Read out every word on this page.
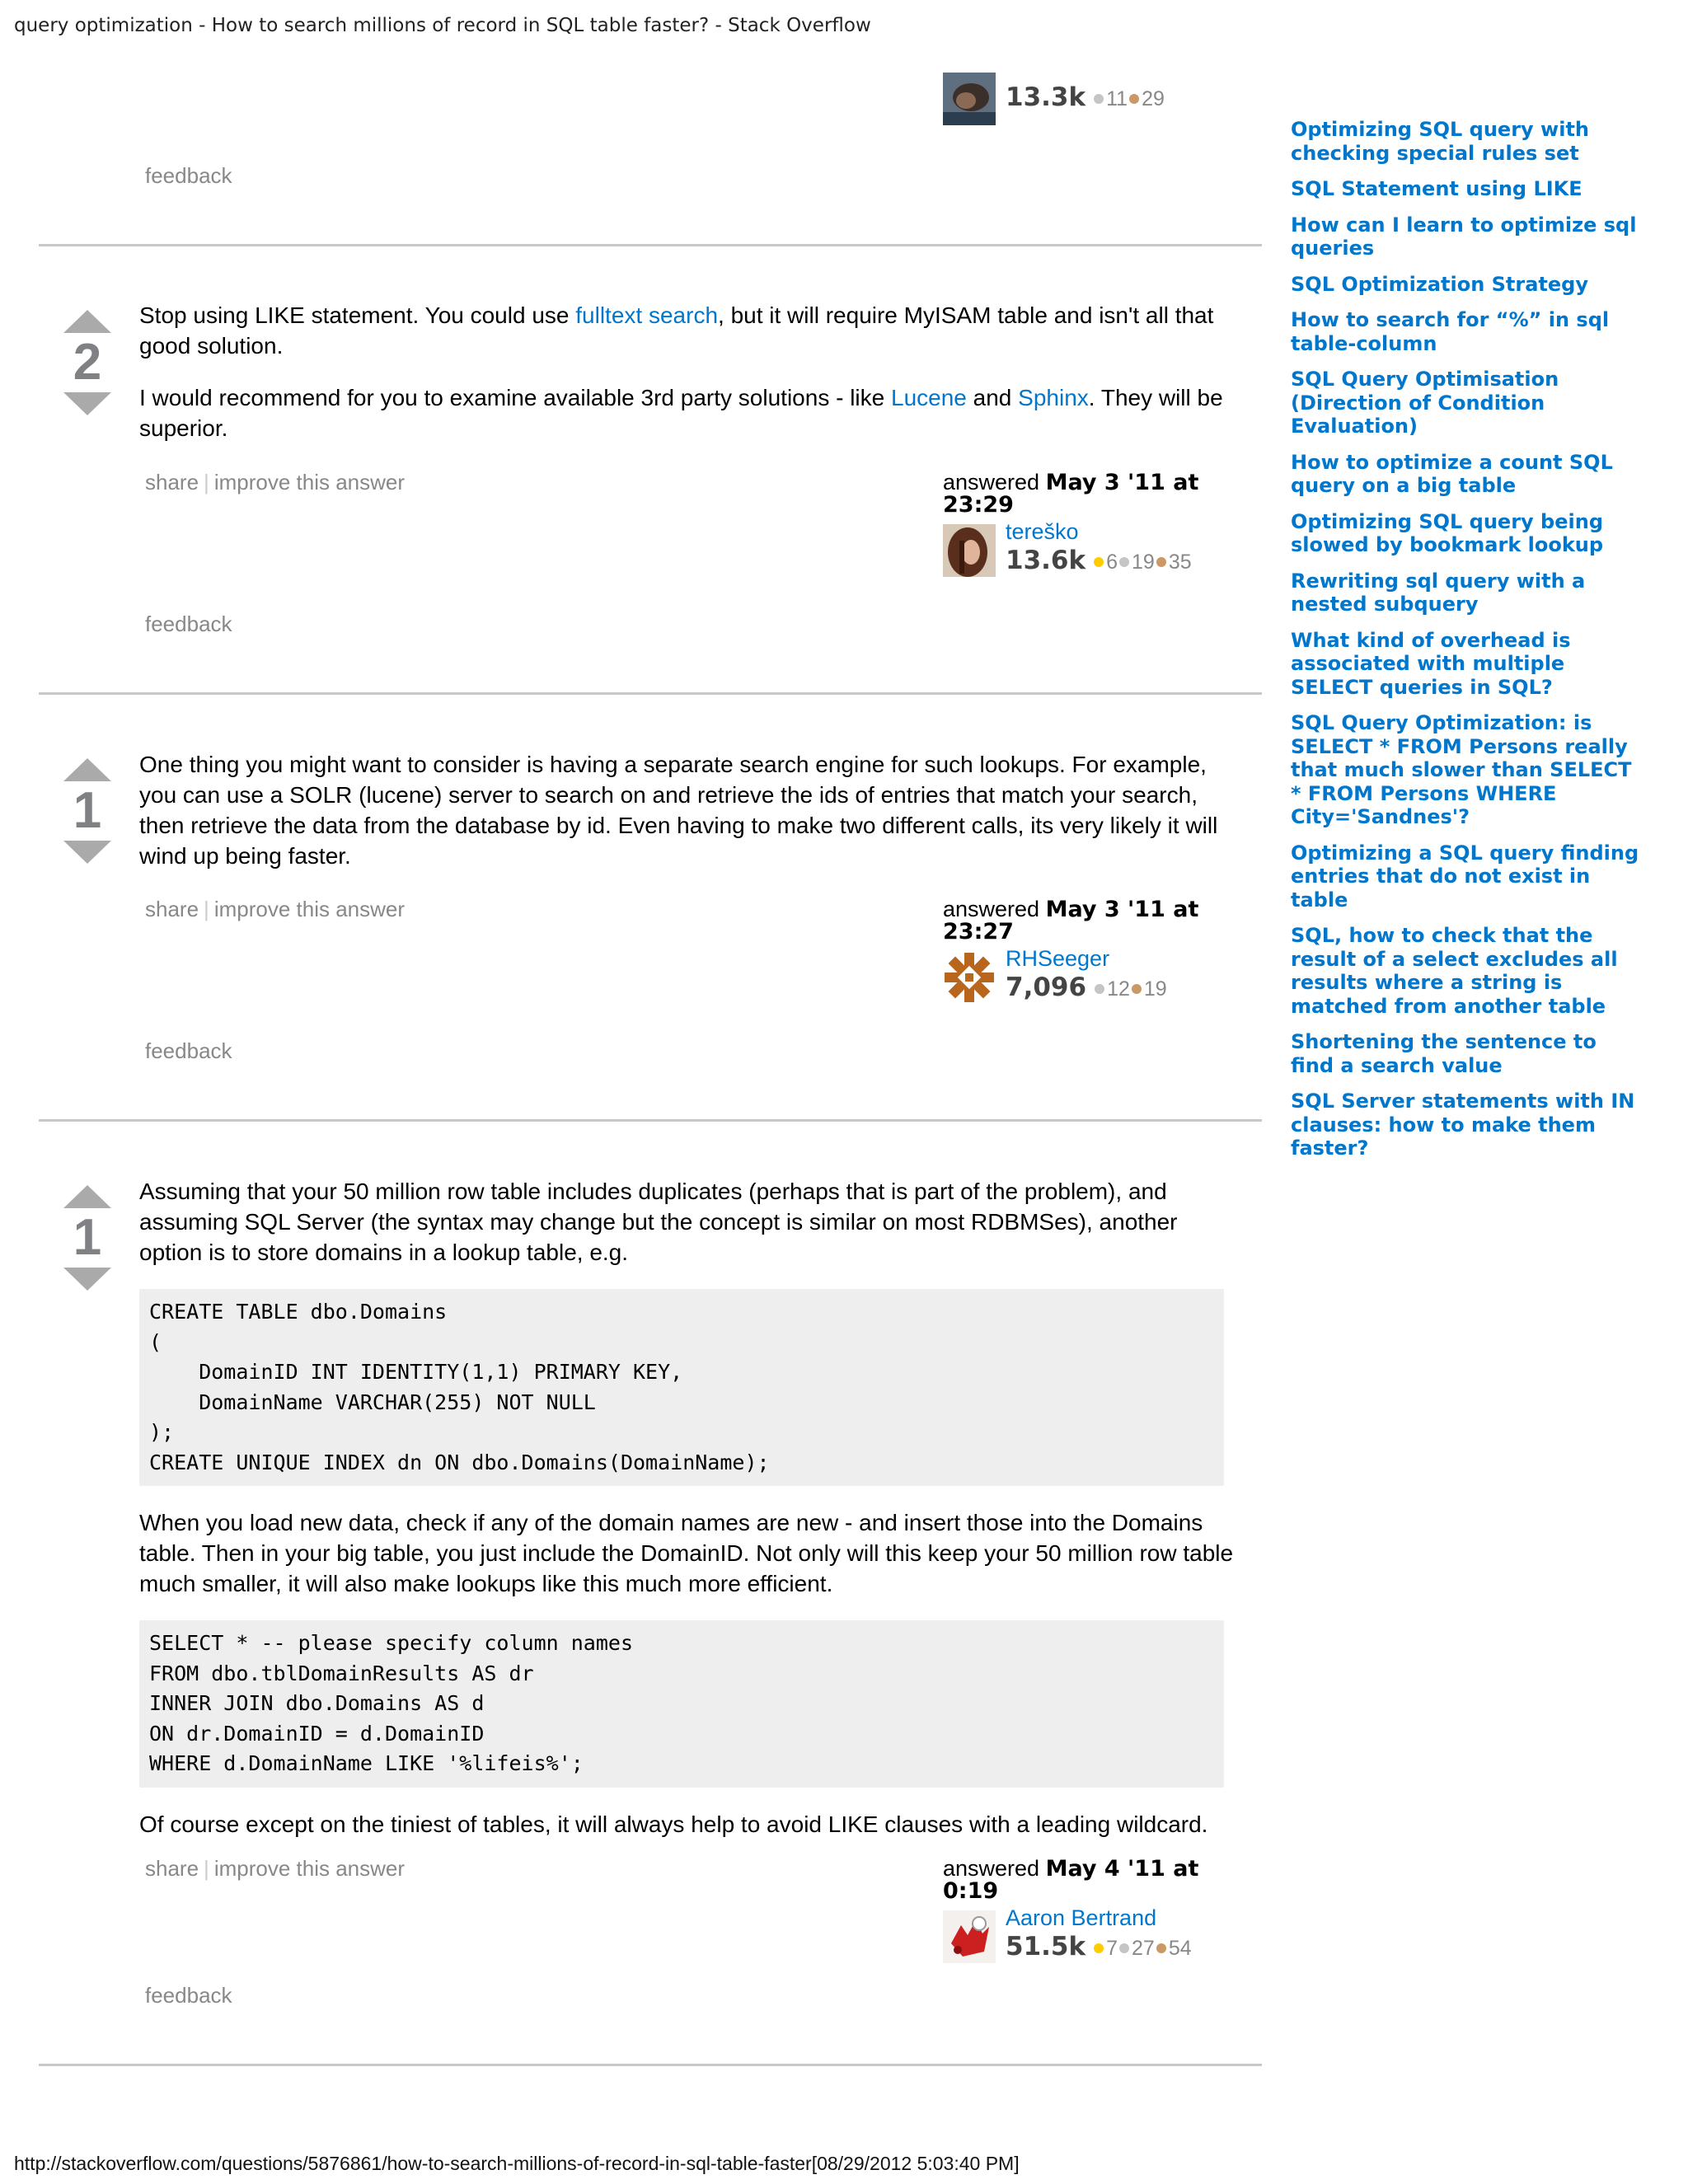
query optimization - How to search millions of record in SQL table faster? - Stack Overflow
http://stackoverflow.com/questions/5876861/how-to-search-millions-of-record-in-sql-table-faster[08/29/2012 5:03:40 PM]
13.3k 11 29
feedback
2

Stop using LIKE statement. You could use fulltext search, but it will require MyISAM table and isn't all that good solution.

I would recommend for you to examine available 3rd party solutions - like Lucene and Sphinx. They will be superior.

share | improve this answer	answered May 3 '11 at 23:29
tereško
13.6k 6 19 35
feedback
1

One thing you might want to consider is having a separate search engine for such lookups. For example, you can use a SOLR (lucene) server to search on and retrieve the ids of entries that match your search, then retrieve the data from the database by id. Even having to make two different calls, its very likely it will wind up being faster.

share | improve this answer	answered May 3 '11 at 23:27
RHSeeger
7,096 12 19
feedback
1

Assuming that your 50 million row table includes duplicates (perhaps that is part of the problem), and assuming SQL Server (the syntax may change but the concept is similar on most RDBMSes), another option is to store domains in a lookup table, e.g.

CREATE TABLE dbo.Domains
(
DomainID INT IDENTITY(1,1) PRIMARY KEY,
DomainName VARCHAR(255) NOT NULL
);
CREATE UNIQUE INDEX dn ON dbo.Domains(DomainName);

When you load new data, check if any of the domain names are new - and insert those into the Domains table. Then in your big table, you just include the DomainID. Not only will this keep your 50 million row table much smaller, it will also make lookups like this much more efficient.

SELECT * -- please specify column names
FROM dbo.tblDomainResults AS dr
INNER JOIN dbo.Domains AS d
ON dr.DomainID = d.DomainID
WHERE d.DomainName LIKE '%lifeis%';

Of course except on the tiniest of tables, it will always help to avoid LIKE clauses with a leading wildcard.

share | improve this answer	answered May 4 '11 at 0:19
Aaron Bertrand
51.5k 7 27 54
feedback
Optimizing SQL query with checking special rules set
SQL Statement using LIKE
How can I learn to optimize sql queries
SQL Optimization Strategy
How to search for “%” in sql table-column
SQL Query Optimisation (Direction of Condition Evaluation)
How to optimize a count SQL query on a big table
Optimizing SQL query being slowed by bookmark lookup
Rewriting sql query with a nested subquery
What kind of overhead is associated with multiple SELECT queries in SQL?
SQL Query Optimization: is SELECT * FROM Persons really that much slower than SELECT * FROM Persons WHERE City='Sandnes'?
Optimizing a SQL query finding entries that do not exist in table
SQL, how to check that the result of a select excludes all results where a string is matched from another table
Shortening the sentence to find a search value
SQL Server statements with IN clauses: how to make them faster?
